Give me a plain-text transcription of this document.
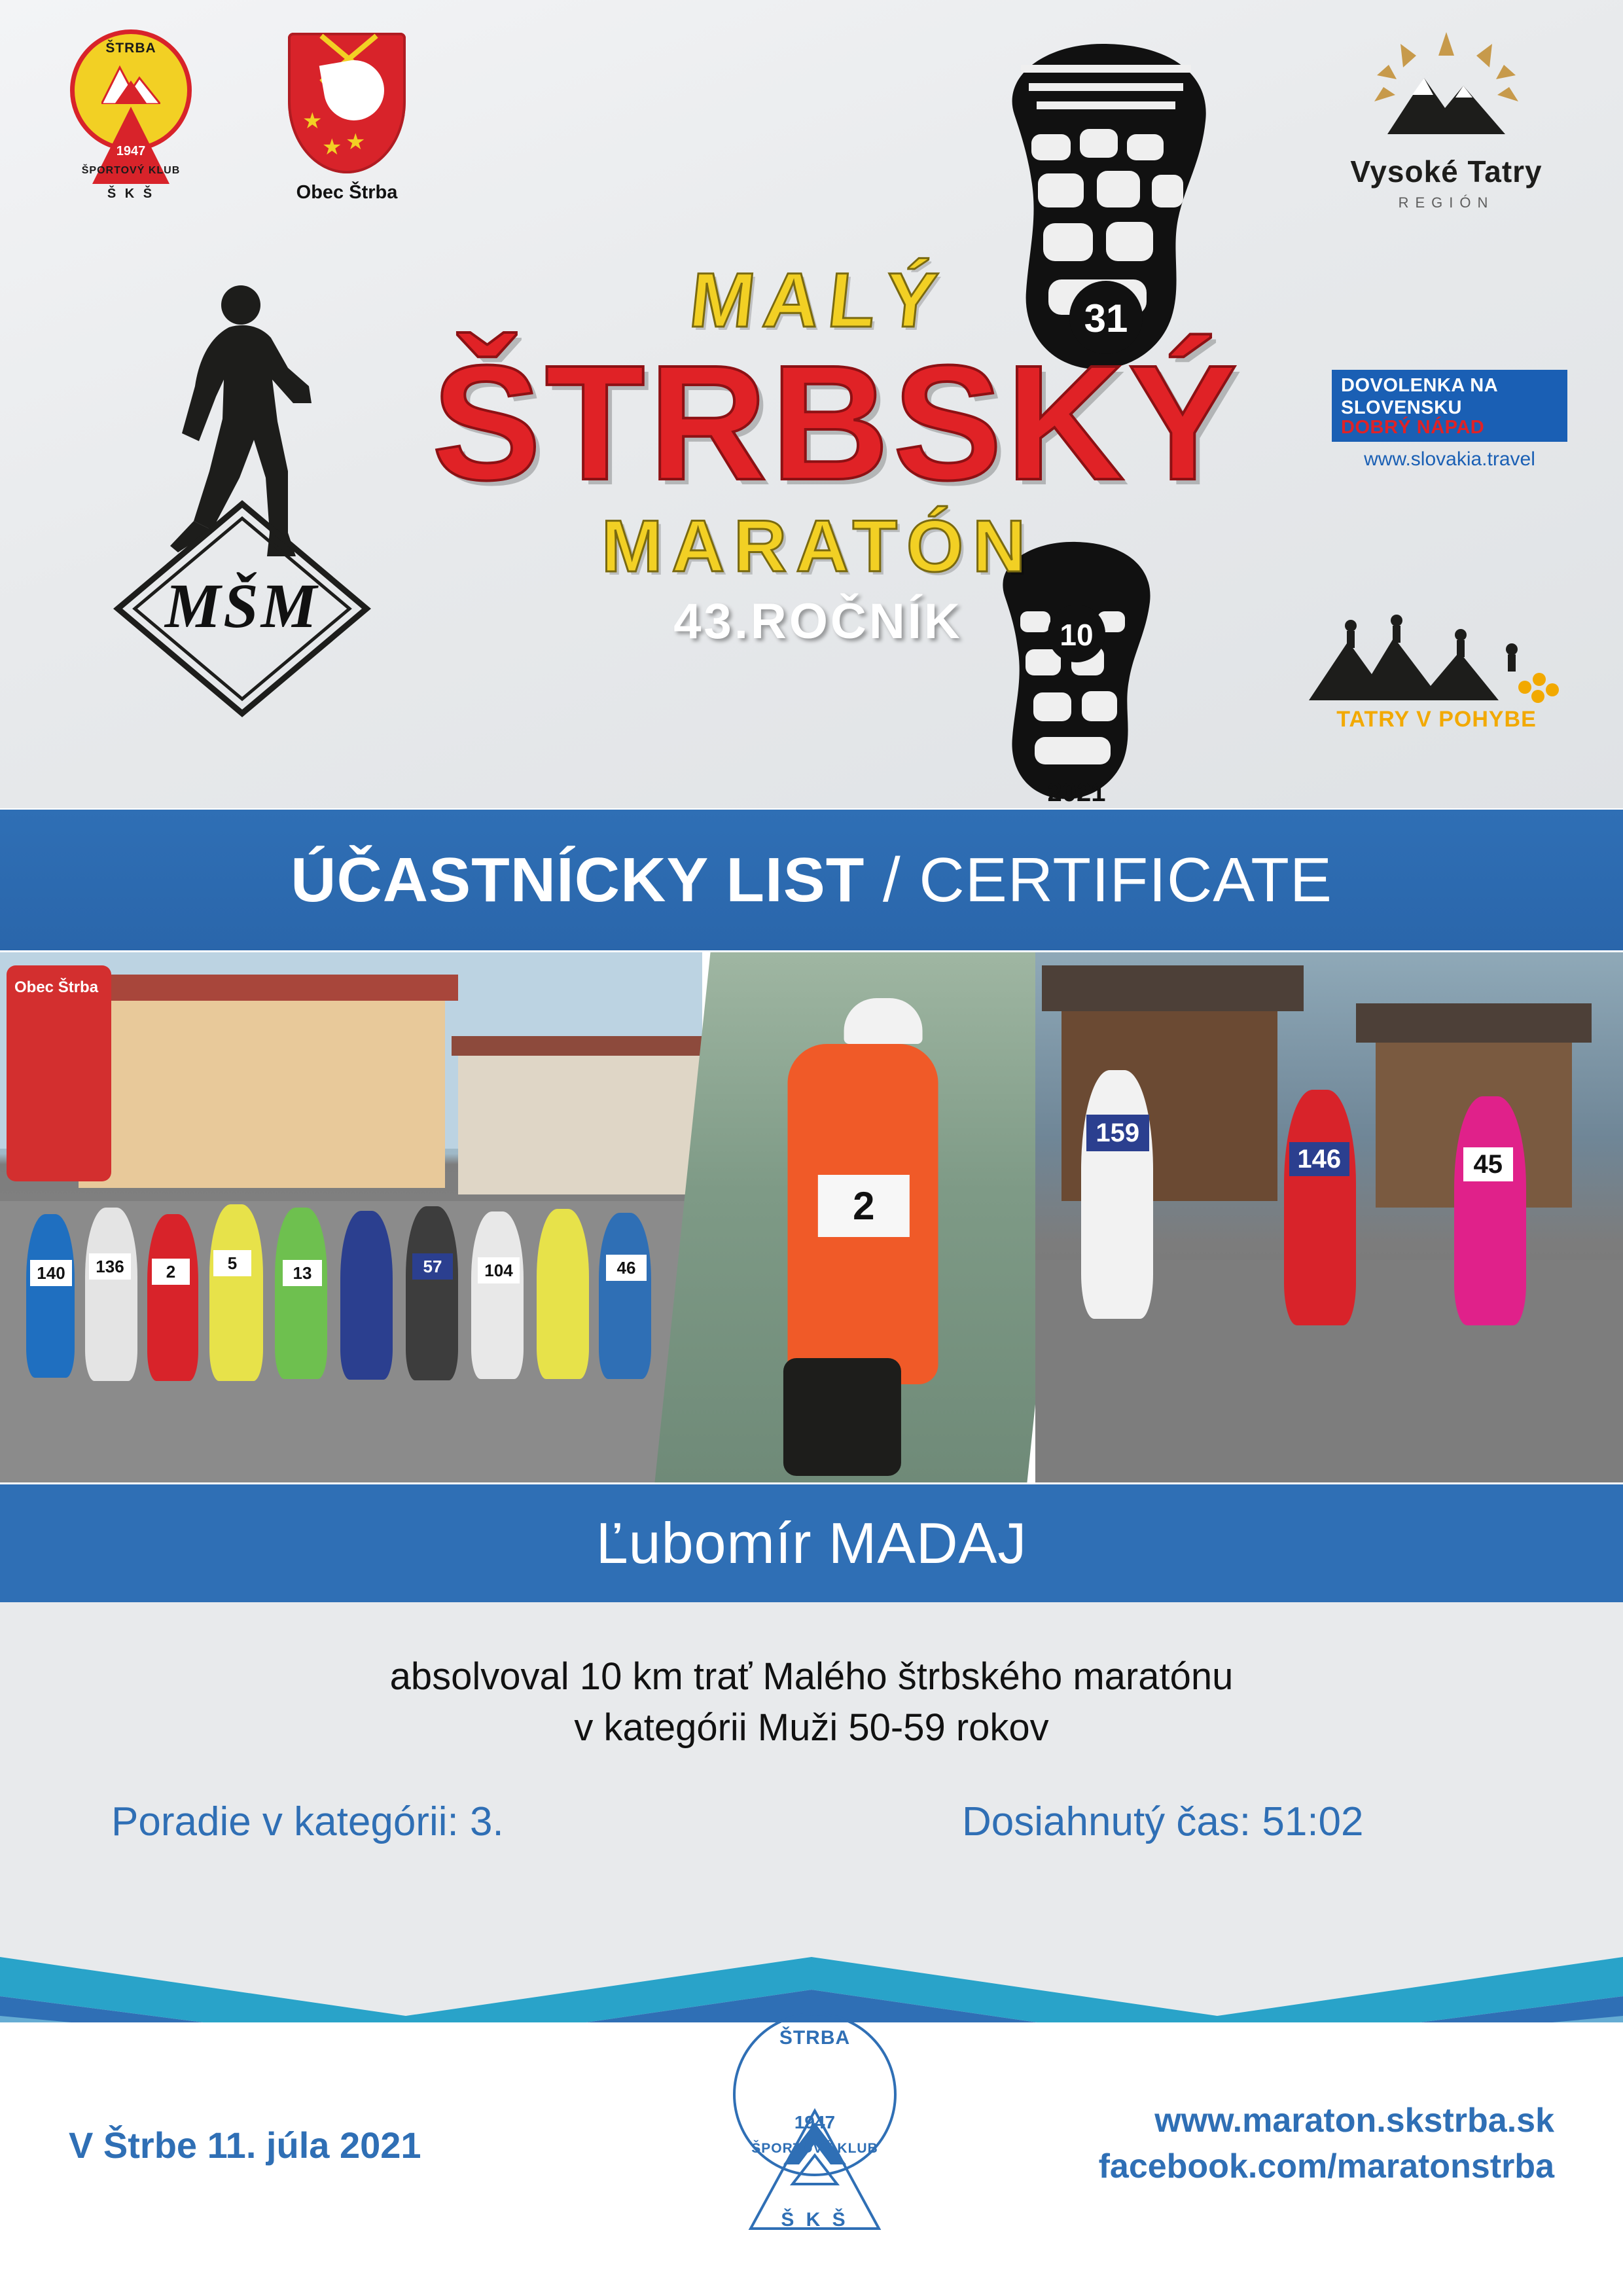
ŠTRBA
1947
ŠPORTOVÝ KLUB
Š K Š
★
★ ★
Obec Štrba
MŠM
31
10
2021
MALÝ
ŠTRBSKÝ
MARATÓN
43.ROČNÍK
Vysoké Tatry
REGIÓN
DOVOLENKA NA
SLOVENSKU
DOBRÝ NÁPAD
www.slovakia.travel
TATRY V POHYBE
ÚČASTNÍCKY LIST / CERTIFICATE
Obec Štrba
140	136	2	5	13	57	104	46
2
159
146	45
Ľubomír MADAJ
absolvoval 10 km trať Malého štrbského maratónu
v kategórii Muži 50-59 rokov
Poradie v kategórii: 3.	Dosiahnutý čas: 51:02
ŠTRBA
1947
ŠPORTOVÝ KLUB
Š K Š
V Štrbe 11. júla 2021
www.maraton.skstrba.sk
facebook.com/maratonstrba
